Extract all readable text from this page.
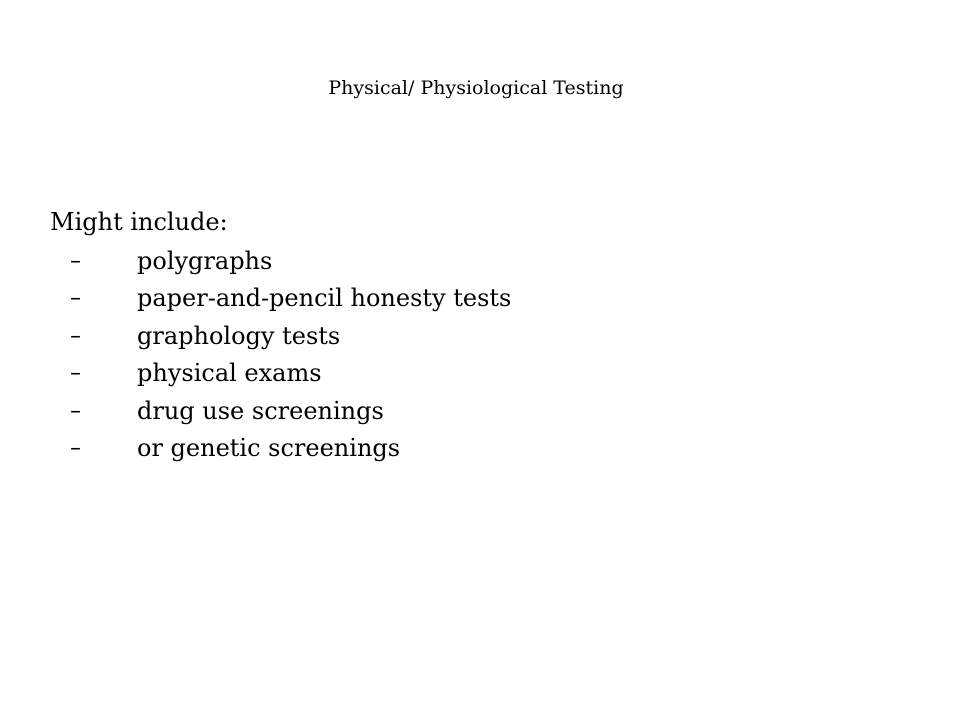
Physical/ Physiological Testing
Might include:
– polygraphs
– paper-and-pencil honesty tests
– graphology tests
– physical exams
– drug use screenings
– or genetic screenings
